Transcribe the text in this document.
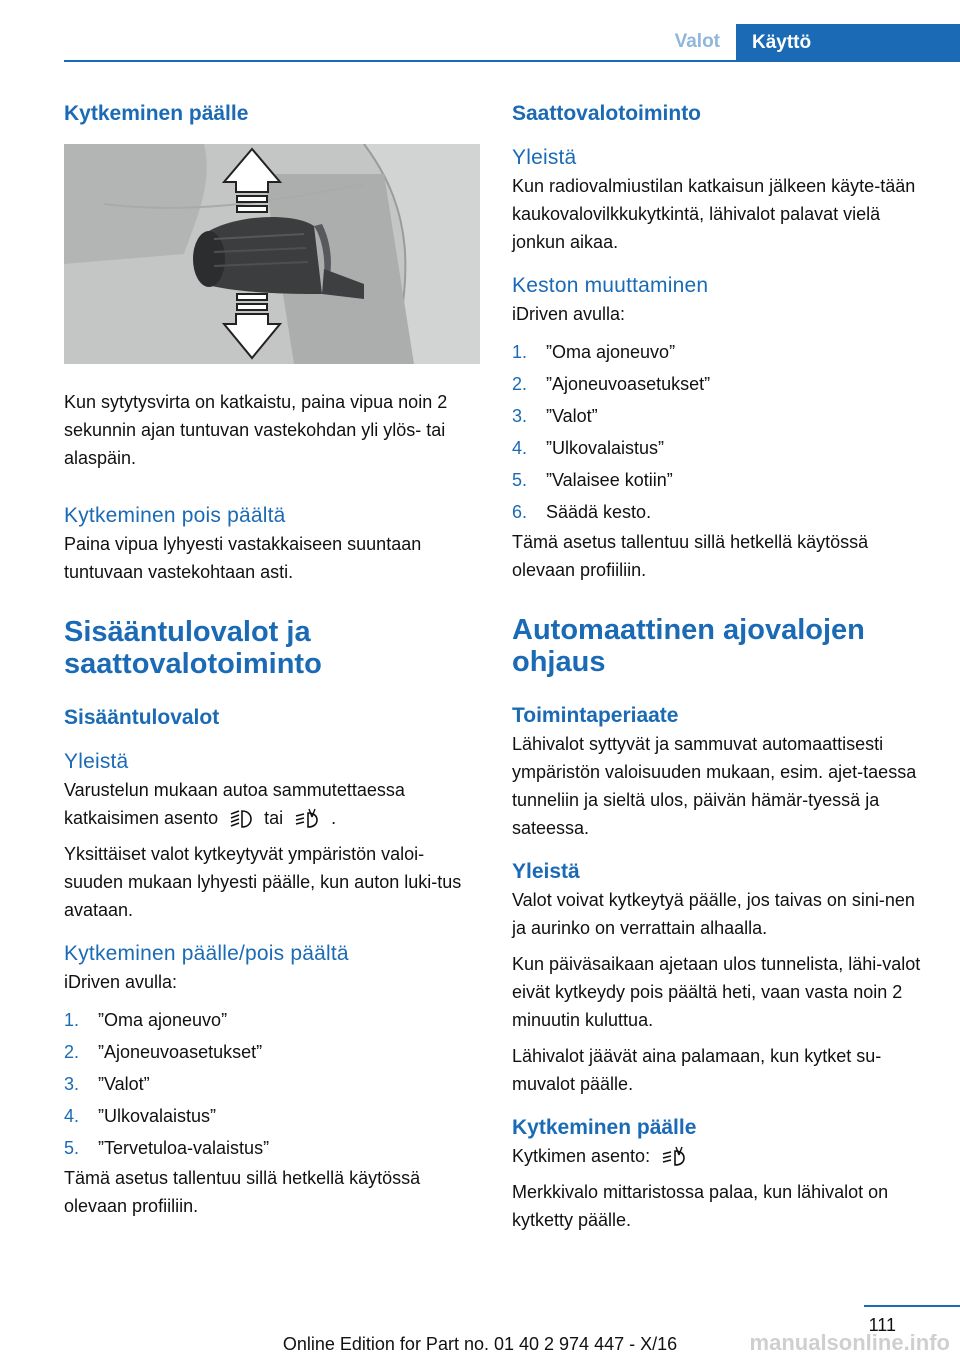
Valot	Käyttö
Kytkeminen päälle

Kun sytytysvirta on katkaistu, paina vipua noin 2 sekunnin ajan tuntuvan vastekohdan yli ylös- tai alaspäin.

Kytkeminen pois päältä

Paina vipua lyhyesti vastakkaiseen suuntaan tuntuvaan vastekohtaan asti.

Sisääntulovalot ja saattovalotoiminto
Sisääntulovalot
Yleistä

Varustelun mukaan autoa sammutettaessa katkaisimen asento	tai	.

Yksittäiset valot kytkeytyvät ympäristön valoi-suuden mukaan lyhyesti päälle, kun auton luki-tus avataan.

Kytkeminen päälle/pois päältä

iDriven avulla:

1. ”Oma ajoneuvo”
2. ”Ajoneuvoasetukset”
3. ”Valot”
4. ”Ulkovalaistus”
5. ”Tervetuloa-valaistus”

Tämä asetus tallentuu sillä hetkellä käytössä olevaan profiiliin.

Saattovalotoiminto
Yleistä

Kun radiovalmiustilan katkaisun jälkeen käyte-tään kaukovalovilkkukytkintä, lähivalot palavat vielä jonkun aikaa.

Keston muuttaminen

iDriven avulla:

1. ”Oma ajoneuvo”
2. ”Ajoneuvoasetukset”
3. ”Valot”
4. ”Ulkovalaistus”
5. ”Valaisee kotiin”
6. Säädä kesto.

Tämä asetus tallentuu sillä hetkellä käytössä olevaan profiiliin.

Automaattinen ajovalojen ohjaus
Toimintaperiaate

Lähivalot syttyvät ja sammuvat automaattisesti ympäristön valoisuuden mukaan, esim. ajet-taessa tunneliin ja sieltä ulos, päivän hämär-tyessä ja sateessa.

Yleistä

Valot voivat kytkeytyä päälle, jos taivas on sini-nen ja aurinko on verrattain alhaalla.

Kun päiväsaikaan ajetaan ulos tunnelista, lähi-valot eivät kytkeydy pois päältä heti, vaan vasta noin 2 minuutin kuluttua.

Lähivalot jäävät aina palamaan, kun kytket su-muvalot päälle.

Kytkeminen päälle

Kytkimen asento:

Merkkivalo mittaristossa palaa, kun lähivalot on kytketty päälle.

111
Online Edition for Part no. 01 40 2 974 447 - X/16	manualsonline.info
